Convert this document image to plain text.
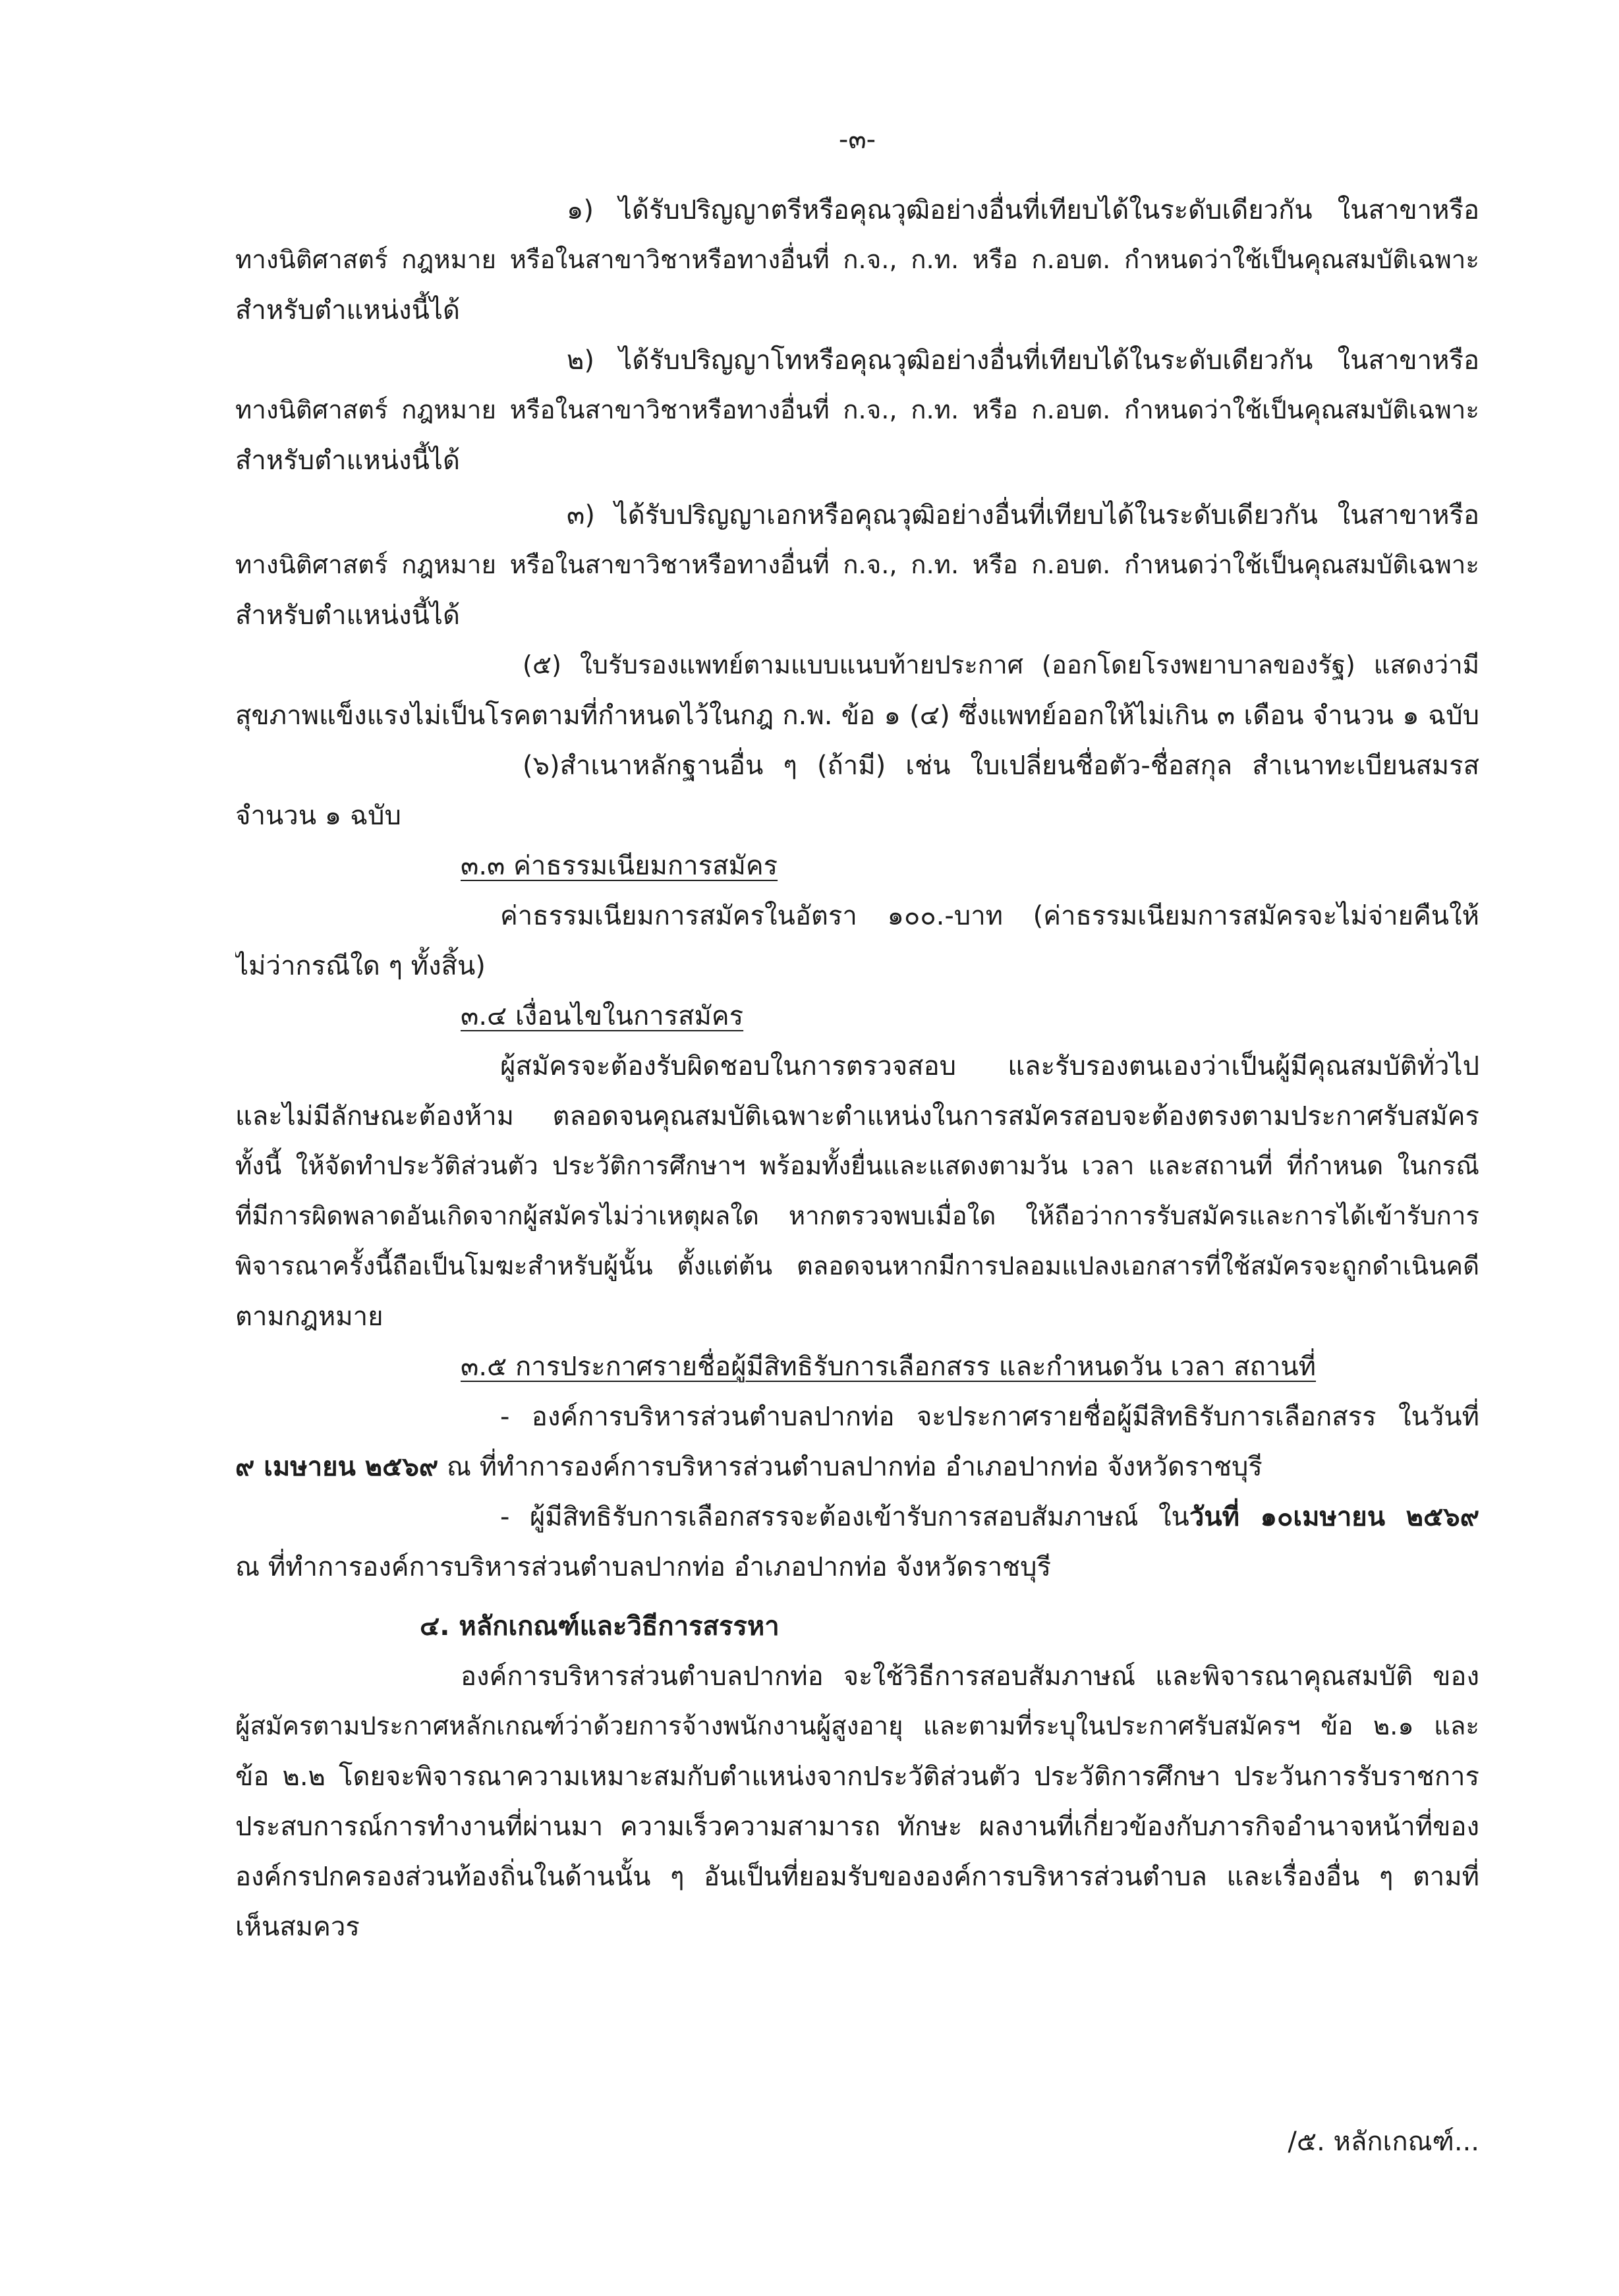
-๓-
๑) ได้รับปริญญาตรีหรือคุณวุฒิอย่างอื่นที่เทียบได้ในระดับเดียวกัน ในสาขาหรือ
ทางนิติศาสตร์ กฎหมาย หรือในสาขาวิชาหรือทางอื่นที่ ก.จ., ก.ท. หรือ ก.อบต. กำหนดว่าใช้เป็นคุณสมบัติเฉพาะ
สำหรับตำแหน่งนี้ได้
๒) ได้รับปริญญาโทหรือคุณวุฒิอย่างอื่นที่เทียบได้ในระดับเดียวกัน ในสาขาหรือ
ทางนิติศาสตร์ กฎหมาย หรือในสาขาวิชาหรือทางอื่นที่ ก.จ., ก.ท. หรือ ก.อบต. กำหนดว่าใช้เป็นคุณสมบัติเฉพาะ
สำหรับตำแหน่งนี้ได้
๓) ได้รับปริญญาเอกหรือคุณวุฒิอย่างอื่นที่เทียบได้ในระดับเดียวกัน ในสาขาหรือ
ทางนิติศาสตร์ กฎหมาย หรือในสาขาวิชาหรือทางอื่นที่ ก.จ., ก.ท. หรือ ก.อบต. กำหนดว่าใช้เป็นคุณสมบัติเฉพาะ
สำหรับตำแหน่งนี้ได้
(๕) ใบรับรองแพทย์ตามแบบแนบท้ายประกาศ (ออกโดยโรงพยาบาลของรัฐ) แสดงว่ามี
สุขภาพแข็งแรงไม่เป็นโรคตามที่กำหนดไว้ในกฎ ก.พ. ข้อ ๑ (๔) ซึ่งแพทย์ออกให้ไม่เกิน ๓ เดือน จำนวน ๑ ฉบับ
(๖)สำเนาหลักฐานอื่น ๆ (ถ้ามี) เช่น ใบเปลี่ยนชื่อตัว-ชื่อสกุล สำเนาทะเบียนสมรส
จำนวน ๑ ฉบับ
๓.๓ ค่าธรรมเนียมการสมัคร
ค่าธรรมเนียมการสมัครในอัตรา ๑๐๐.-บาท (ค่าธรรมเนียมการสมัครจะไม่จ่ายคืนให้
ไม่ว่ากรณีใด ๆ ทั้งสิ้น)
๓.๔ เงื่อนไขในการสมัคร
ผู้สมัครจะต้องรับผิดชอบในการตรวจสอบ และรับรองตนเองว่าเป็นผู้มีคุณสมบัติทั่วไป
และไม่มีลักษณะต้องห้าม ตลอดจนคุณสมบัติเฉพาะตำแหน่งในการสมัครสอบจะต้องตรงตามประกาศรับสมัคร
ทั้งนี้ ให้จัดทำประวัติส่วนตัว ประวัติการศึกษาฯ พร้อมทั้งยื่นและแสดงตามวัน เวลา และสถานที่ ที่กำหนด ในกรณี
ที่มีการผิดพลาดอันเกิดจากผู้สมัครไม่ว่าเหตุผลใด หากตรวจพบเมื่อใด ให้ถือว่าการรับสมัครและการได้เข้ารับการ
พิจารณาครั้งนี้ถือเป็นโมฆะสำหรับผู้นั้น ตั้งแต่ต้น ตลอดจนหากมีการปลอมแปลงเอกสารที่ใช้สมัครจะถูกดำเนินคดี
ตามกฎหมาย
๓.๕ การประกาศรายชื่อผู้มีสิทธิรับการเลือกสรร และกำหนดวัน เวลา สถานที่
- องค์การบริหารส่วนตำบลปากท่อ จะประกาศรายชื่อผู้มีสิทธิรับการเลือกสรร ในวันที่
๙ เมษายน ๒๕๖๙ ณ ที่ทำการองค์การบริหารส่วนตำบลปากท่อ อำเภอปากท่อ จังหวัดราชบุรี
- ผู้มีสิทธิรับการเลือกสรรจะต้องเข้ารับการสอบสัมภาษณ์ ในวันที่ ๑๐เมษายน ๒๕๖๙
ณ ที่ทำการองค์การบริหารส่วนตำบลปากท่อ อำเภอปากท่อ จังหวัดราชบุรี
๔. หลักเกณฑ์และวิธีการสรรหา
องค์การบริหารส่วนตำบลปากท่อ จะใช้วิธีการสอบสัมภาษณ์ และพิจารณาคุณสมบัติ ของ
ผู้สมัครตามประกาศหลักเกณฑ์ว่าด้วยการจ้างพนักงานผู้สูงอายุ และตามที่ระบุในประกาศรับสมัครฯ ข้อ ๒.๑ และ
ข้อ ๒.๒ โดยจะพิจารณาความเหมาะสมกับตำแหน่งจากประวัติส่วนตัว ประวัติการศึกษา ประวันการรับราชการ
ประสบการณ์การทำงานที่ผ่านมา ความเร็วความสามารถ ทักษะ ผลงานที่เกี่ยวข้องกับภารกิจอำนาจหน้าที่ของ
องค์กรปกครองส่วนท้องถิ่นในด้านนั้น ๆ อันเป็นที่ยอมรับขององค์การบริหารส่วนตำบล และเรื่องอื่น ๆ ตามที่
เห็นสมควร
/๕. หลักเกณฑ์...
